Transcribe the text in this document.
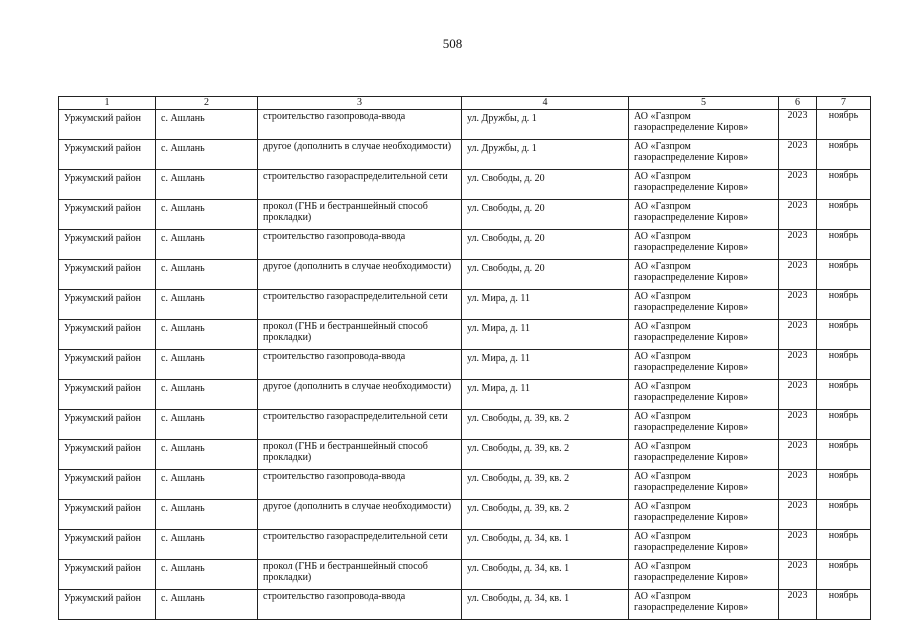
508
1	2	3	4	5	6	7
Уржумский район	с. Ашлань	строительство газопровода-ввода	ул. Дружбы, д. 1	АО «Газпром газораспределение Киров»	2023	ноябрь
Уржумский район	с. Ашлань	другое (дополнить в случае необходимости)	ул. Дружбы, д. 1	АО «Газпром газораспределение Киров»	2023	ноябрь
Уржумский район	с. Ашлань	строительство газораспределительной сети	ул. Свободы, д. 20	АО «Газпром газораспределение Киров»	2023	ноябрь
Уржумский район	с. Ашлань	прокол (ГНБ и бестраншейный способ прокладки)	ул. Свободы, д. 20	АО «Газпром газораспределение Киров»	2023	ноябрь
Уржумский район	с. Ашлань	строительство газопровода-ввода	ул. Свободы, д. 20	АО «Газпром газораспределение Киров»	2023	ноябрь
Уржумский район	с. Ашлань	другое (дополнить в случае необходимости)	ул. Свободы, д. 20	АО «Газпром газораспределение Киров»	2023	ноябрь
Уржумский район	с. Ашлань	строительство газораспределительной сети	ул. Мира, д. 11	АО «Газпром газораспределение Киров»	2023	ноябрь
Уржумский район	с. Ашлань	прокол (ГНБ и бестраншейный способ прокладки)	ул. Мира, д. 11	АО «Газпром газораспределение Киров»	2023	ноябрь
Уржумский район	с. Ашлань	строительство газопровода-ввода	ул. Мира, д. 11	АО «Газпром газораспределение Киров»	2023	ноябрь
Уржумский район	с. Ашлань	другое (дополнить в случае необходимости)	ул. Мира, д. 11	АО «Газпром газораспределение Киров»	2023	ноябрь
Уржумский район	с. Ашлань	строительство газораспределительной сети	ул. Свободы, д. 39, кв. 2	АО «Газпром газораспределение Киров»	2023	ноябрь
Уржумский район	с. Ашлань	прокол (ГНБ и бестраншейный способ прокладки)	ул. Свободы, д. 39, кв. 2	АО «Газпром газораспределение Киров»	2023	ноябрь
Уржумский район	с. Ашлань	строительство газопровода-ввода	ул. Свободы, д. 39, кв. 2	АО «Газпром газораспределение Киров»	2023	ноябрь
Уржумский район	с. Ашлань	другое (дополнить в случае необходимости)	ул. Свободы, д. 39, кв. 2	АО «Газпром газораспределение Киров»	2023	ноябрь
Уржумский район	с. Ашлань	строительство газораспределительной сети	ул. Свободы, д. 34, кв. 1	АО «Газпром газораспределение Киров»	2023	ноябрь
Уржумский район	с. Ашлань	прокол (ГНБ и бестраншейный способ прокладки)	ул. Свободы, д. 34, кв. 1	АО «Газпром газораспределение Киров»	2023	ноябрь
Уржумский район	с. Ашлань	строительство газопровода-ввода	ул. Свободы, д. 34, кв. 1	АО «Газпром газораспределение Киров»	2023	ноябрь
